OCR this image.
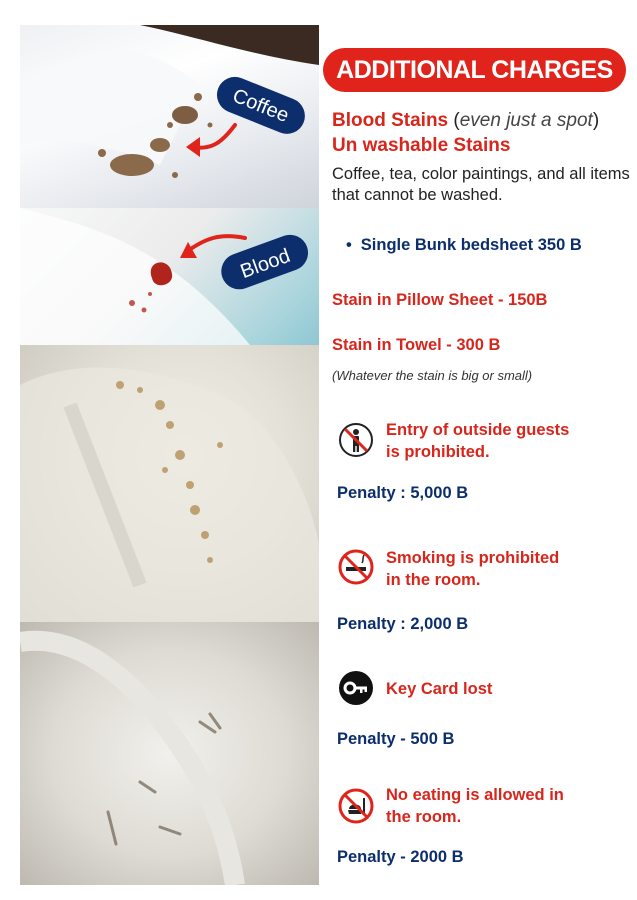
Coffee
Blood
ADDITIONAL CHARGES
Blood Stains (even just a spot)
Un washable Stains
Coffee, tea, color paintings, and all items that cannot be washed.
• Single Bunk bedsheet 350 B
Stain in Pillow Sheet - 150B
Stain in Towel - 300 B
(Whatever the stain is big or small)
Entry of outside guests
is prohibited.
Penalty : 5,000 B
Smoking is prohibited
in the room.
Penalty : 2,000 B
Key Card lost
Penalty - 500 B
No eating is allowed in
the room.
Penalty - 2000 B
